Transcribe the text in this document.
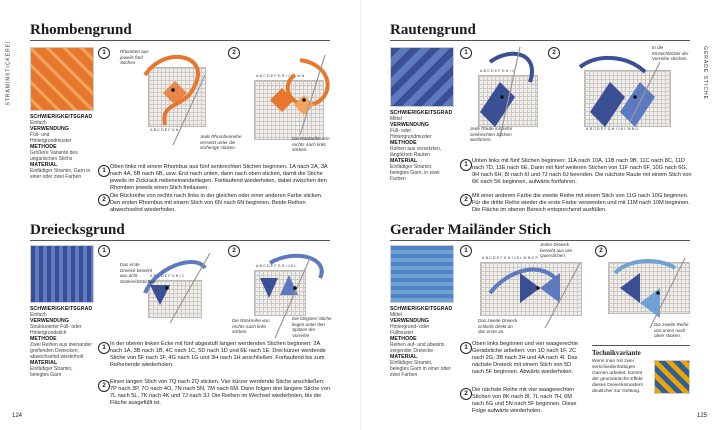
STRAMINSTICKEREI	GERADE STICHE
124	125
Rhombengrund
SCHWIERIGKEITSGRAD
Einfach
VERWENDUNG
Füll- und Hintergrundmuster
METHODE
Größere Variante des ungarischen Stichs
MATERIAL
Einfädiger Stramin, Garn in einer oder zwei Farben
1
ABCDEFGH
Rhomben aus jeweils fünf Stichen
2
ABCDEFGHIJKLMN
Jede Rhombenreihe versetzt unter die vorherige sticken.
Die Rückreihe von rechts nach links sticken.
1 Oben links mit einem Rhombus aus fünf senkrechten Stichen beginnen. 1A nach 2A, 3A nach 4A, 5B nach 6B, usw. Erst nach unten, dann nach oben sticken, damit die Stiche jeweils im Zickzack nebeneinanderliegen. Fortlaufend wiederholen, dabei zwischen den Rhomben jeweils einen Stich freilassen.
2 Die Rückreihe von rechts nach links in der gleichen oder einer anderen Farbe sticken. Den ersten Rhombus mit einem Stich von 6N nach 6N beginnen. Beide Reihen abwechselnd wiederholen.
Rautengrund
SCHWIERIGKEITSGRAD
Mittel
VERWENDUNG
Füll- oder Hintergrundmuster
METHODE
Reihen aus versetzten, länglichen Rauten
MATERIAL
Einfädiger Stramin, belegtes Garn, in zwei Farben
1
ABCDEFGHIJ
Jede Raute mit zehn senkrechten Stichen ausführen.
2
ABCDEFGHIJKLMNO
In die Einstichlöcher der Vorreihe stechen.
1 Unten links mit fünf Stichen beginnen: 11A nach 10A, 11B nach 9B, 11C nach 8C, 11D nach 7D, 11E nach 6E. Dann mit fünf weiteren Stichen von 11F nach 6F, 10G nach 6G, 9H nach 6H, 8I nach 6I und 7J nach 6J beenden. Die nächste Raute mit einem Stich von 6K nach 5K beginnen, aufwärts fortfahren.
2 Mit einer anderen Farbe die zweite Reihe mit einem Stich von 11G nach 10G beginnen. Für die dritte Reihe wieder die erste Farbe verwenden und mit 11M nach 10M beginnen. Die Fläche im oberen Bereich entsprechend ausfüllen.
Dreiecksgrund
SCHWIERIGKEITSGRAD
Einfach
VERWENDUNG
Strukturierter Füll- oder Hintergrundstich
METHODE
Zwei Reihen aus ineinander greifenden Dreiecken, abwechselnd wiederholt
MATERIAL
Einfädiger Stramin, belegtes Garn
1
ABCDEFGHIJ
Das erste Dreieck besteht aus acht Senkrechtstichen.
2
ABCDEFGHIJKL
Die Rückreihe von rechts nach links sticken.
Die längsten Stiche liegen unter den Spitzen der Vorreihe
1 In der oberen linken Ecke mit fünf abgestuft langen werdenden Stichen beginnen: 2A nach 1A, 3B nach 1B, 4C nach 1C, 5D nach 1D und 6E nach 1E. Drei kürzer werdende Stiche von 5F nach 1F, 4G nach 1G und 3H nach 1H anschließen. Fortlaufend bis zum Reihenende wiederholen.
2 Einen langen Stich von 7Q nach 2Q sticken. Vier kürzer werdende Stiche anschließen: 7P nach 3P, 7O nach 4O, 7N nach 5N, 7M nach 6M. Dann folgen drei längere Stiche von 7L nach 5L, 7K nach 4K und 7J nach 3J. Die Reihen im Wechsel wiederholen, bis die Fläche ausgefüllt ist.
Gerader Mailänder Stich
SCHWIERIGKEITSGRAD
Mittel
VERWENDUNG
Hintergrund- oder Füllmuster
METHODE
Reihen auf- und abwärts zeigender Dreiecke
MATERIAL
Einfädiger Stramin, belegtes Garn in einer oder zwei Farben
1
ABCDEFGHIJKLMNOP
Jedes Dreieck besteht aus vier Querstichen.
Das zweite Dreieck schließt direkt an das erste an.
2
Die zweite Reihe von unten nach oben sticken.
1 Oben links beginnen und vier waagerechte Geradstiche arbeiten: von 1D nach 1F, 2C nach 2G, 3B nach 3H und 4A nach 4I. Das nächste Dreieck mit einem Stich von 5D nach 5F beginnen. Abwärts wiederholen.
2 Die nächste Reihe mit vier waagerechten Stichen von 8K nach 8I, 7L nach 7H, 6M nach 6G und 5N nach 5F beginnen. Diese Folge aufwärts wiederholen.
Technikvariante
Wenn man mit zwei verschiedenfarbigen Garnen arbeitet, kommt der geometrische Effekt dieses Dreiecksmusters deutlicher zur Geltung.
